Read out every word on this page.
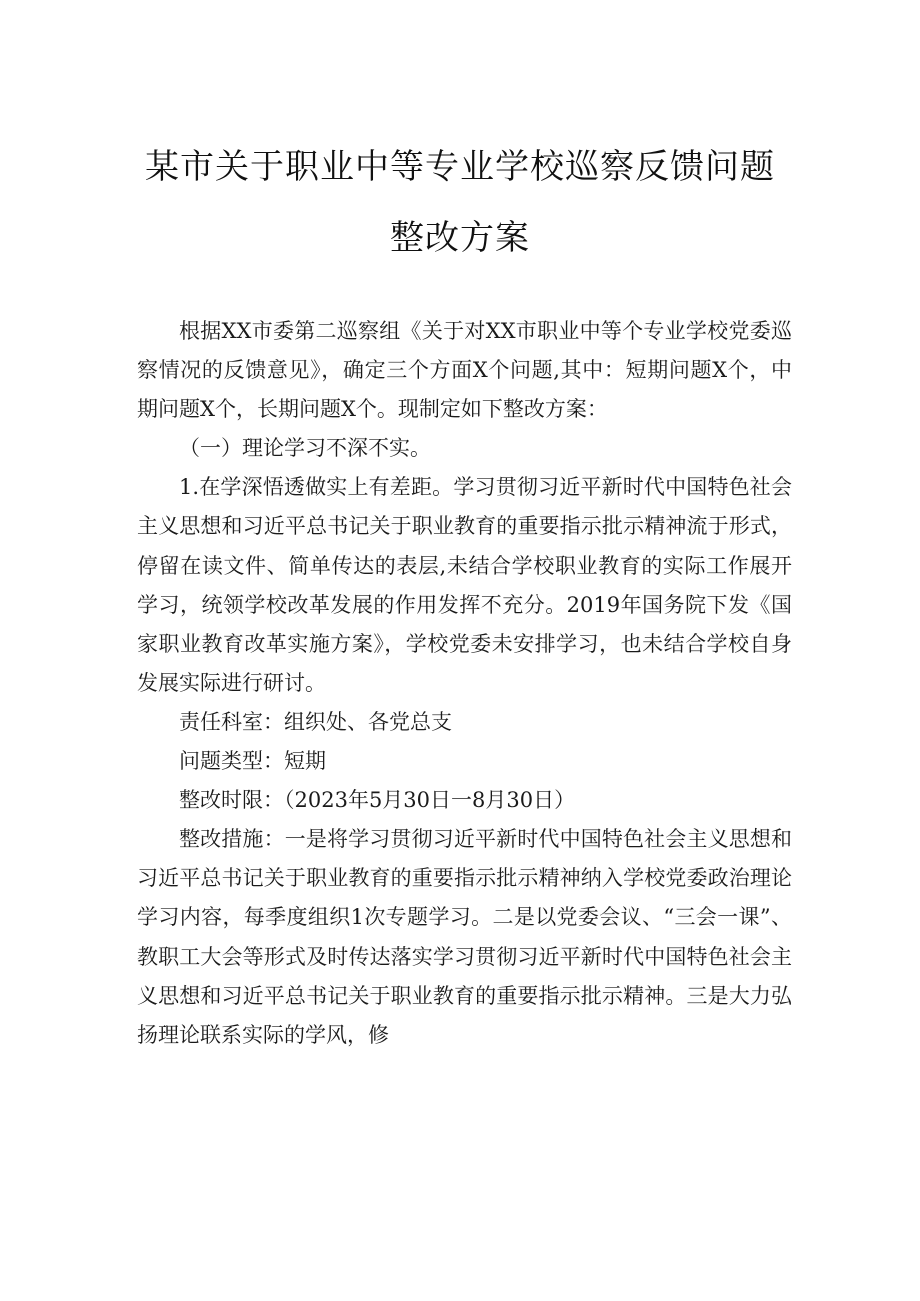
某市关于职业中等专业学校巡察反馈问题
整改方案

根据XX市委第二巡察组《关于对XX市职业中等个专业学校党委巡察情况的反馈意见》，确定三个方面X个问题,其中：短期问题X个，中期问题X个，长期问题X个。现制定如下整改方案：

（一）理论学习不深不实。

1.在学深悟透做实上有差距。学习贯彻习近平新时代中国特色社会主义思想和习近平总书记关于职业教育的重要指示批示精神流于形式，停留在读文件、简单传达的表层,未结合学校职业教育的实际工作展开学习，统领学校改革发展的作用发挥不充分。2019年国务院下发《国家职业教育改革实施方案》，学校党委未安排学习，也未结合学校自身发展实际进行研讨。

责任科室：组织处、各党总支

问题类型：短期

整改时限：（2023年5月30日一8月30日）

整改措施：一是将学习贯彻习近平新时代中国特色社会主义思想和习近平总书记关于职业教育的重要指示批示精神纳入学校党委政治理论学习内容，每季度组织1次专题学习。二是以党委会议、“三会一课”、教职工大会等形式及时传达落实学习贯彻习近平新时代中国特色社会主义思想和习近平总书记关于职业教育的重要指示批示精神。三是大力弘扬理论联系实际的学风，修
